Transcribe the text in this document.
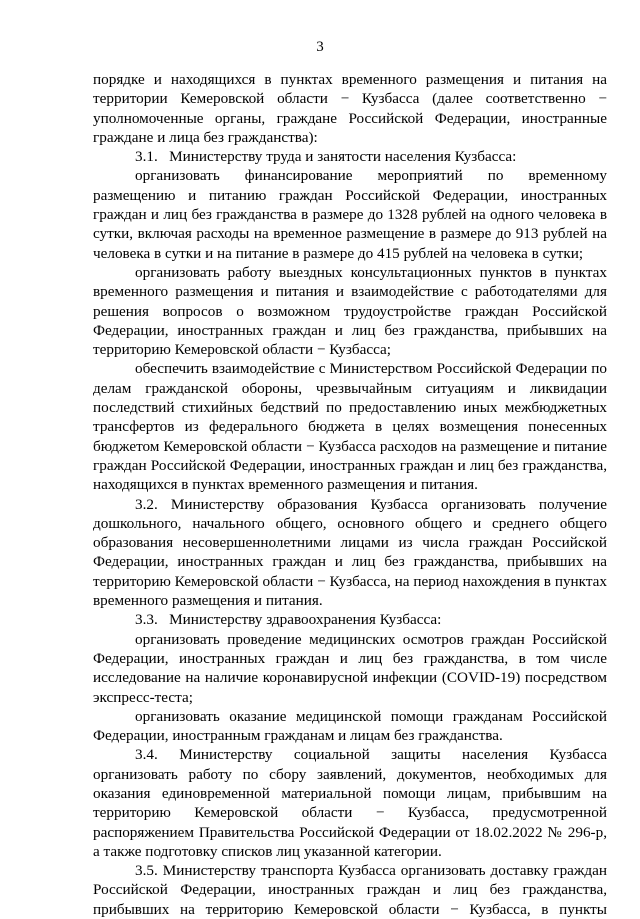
3

порядке и находящихся в пунктах временного размещения и питания на территории Кемеровской области − Кузбасса (далее соответственно − уполномоченные органы, граждане Российской Федерации, иностранные граждане и лица без гражданства):

3.1.   Министерству труда и занятости населения Кузбасса:

организовать финансирование мероприятий по временному размещению и питанию граждан Российской Федерации, иностранных граждан и лиц без гражданства в размере до 1328 рублей на одного человека в сутки, включая расходы на временное размещение в размере до 913 рублей на человека в сутки и на питание в размере до 415 рублей на человека в сутки;

организовать работу выездных консультационных пунктов в пунктах временного размещения и питания и взаимодействие с работодателями для решения вопросов о возможном трудоустройстве граждан Российской Федерации, иностранных граждан и лиц без гражданства, прибывших на территорию Кемеровской области − Кузбасса;

обеспечить взаимодействие с Министерством Российской Федерации по делам гражданской обороны, чрезвычайным ситуациям и ликвидации последствий стихийных бедствий по предоставлению иных межбюджетных трансфертов из федерального бюджета в целях возмещения понесенных бюджетом Кемеровской области − Кузбасса расходов на размещение и питание граждан Российской Федерации, иностранных граждан и лиц без гражданства, находящихся в пунктах временного размещения и питания.

3.2. Министерству образования Кузбасса организовать получение дошкольного, начального общего, основного общего и среднего общего образования несовершеннолетними лицами из числа граждан Российской Федерации, иностранных граждан и лиц без гражданства, прибывших на территорию Кемеровской области − Кузбасса, на период нахождения в пунктах временного размещения и питания.

3.3.   Министерству здравоохранения Кузбасса:

организовать проведение медицинских осмотров граждан Российской Федерации, иностранных граждан и лиц без гражданства, в том числе исследование на наличие коронавирусной инфекции (COVID-19) посредством экспресс-теста;

организовать оказание медицинской помощи гражданам Российской Федерации, иностранным гражданам и лицам без гражданства.

3.4. Министерству социальной защиты населения Кузбасса организовать работу по сбору заявлений, документов, необходимых для оказания единовременной материальной помощи лицам, прибывшим на территорию Кемеровской области − Кузбасса, предусмотренной распоряжением Правительства Российской Федерации от 18.02.2022 № 296-р, а также подготовку списков лиц указанной категории.

3.5. Министерству транспорта Кузбасса организовать доставку граждан Российской Федерации, иностранных граждан и лиц без гражданства, прибывших на территорию Кемеровской области − Кузбасса, в пункты
